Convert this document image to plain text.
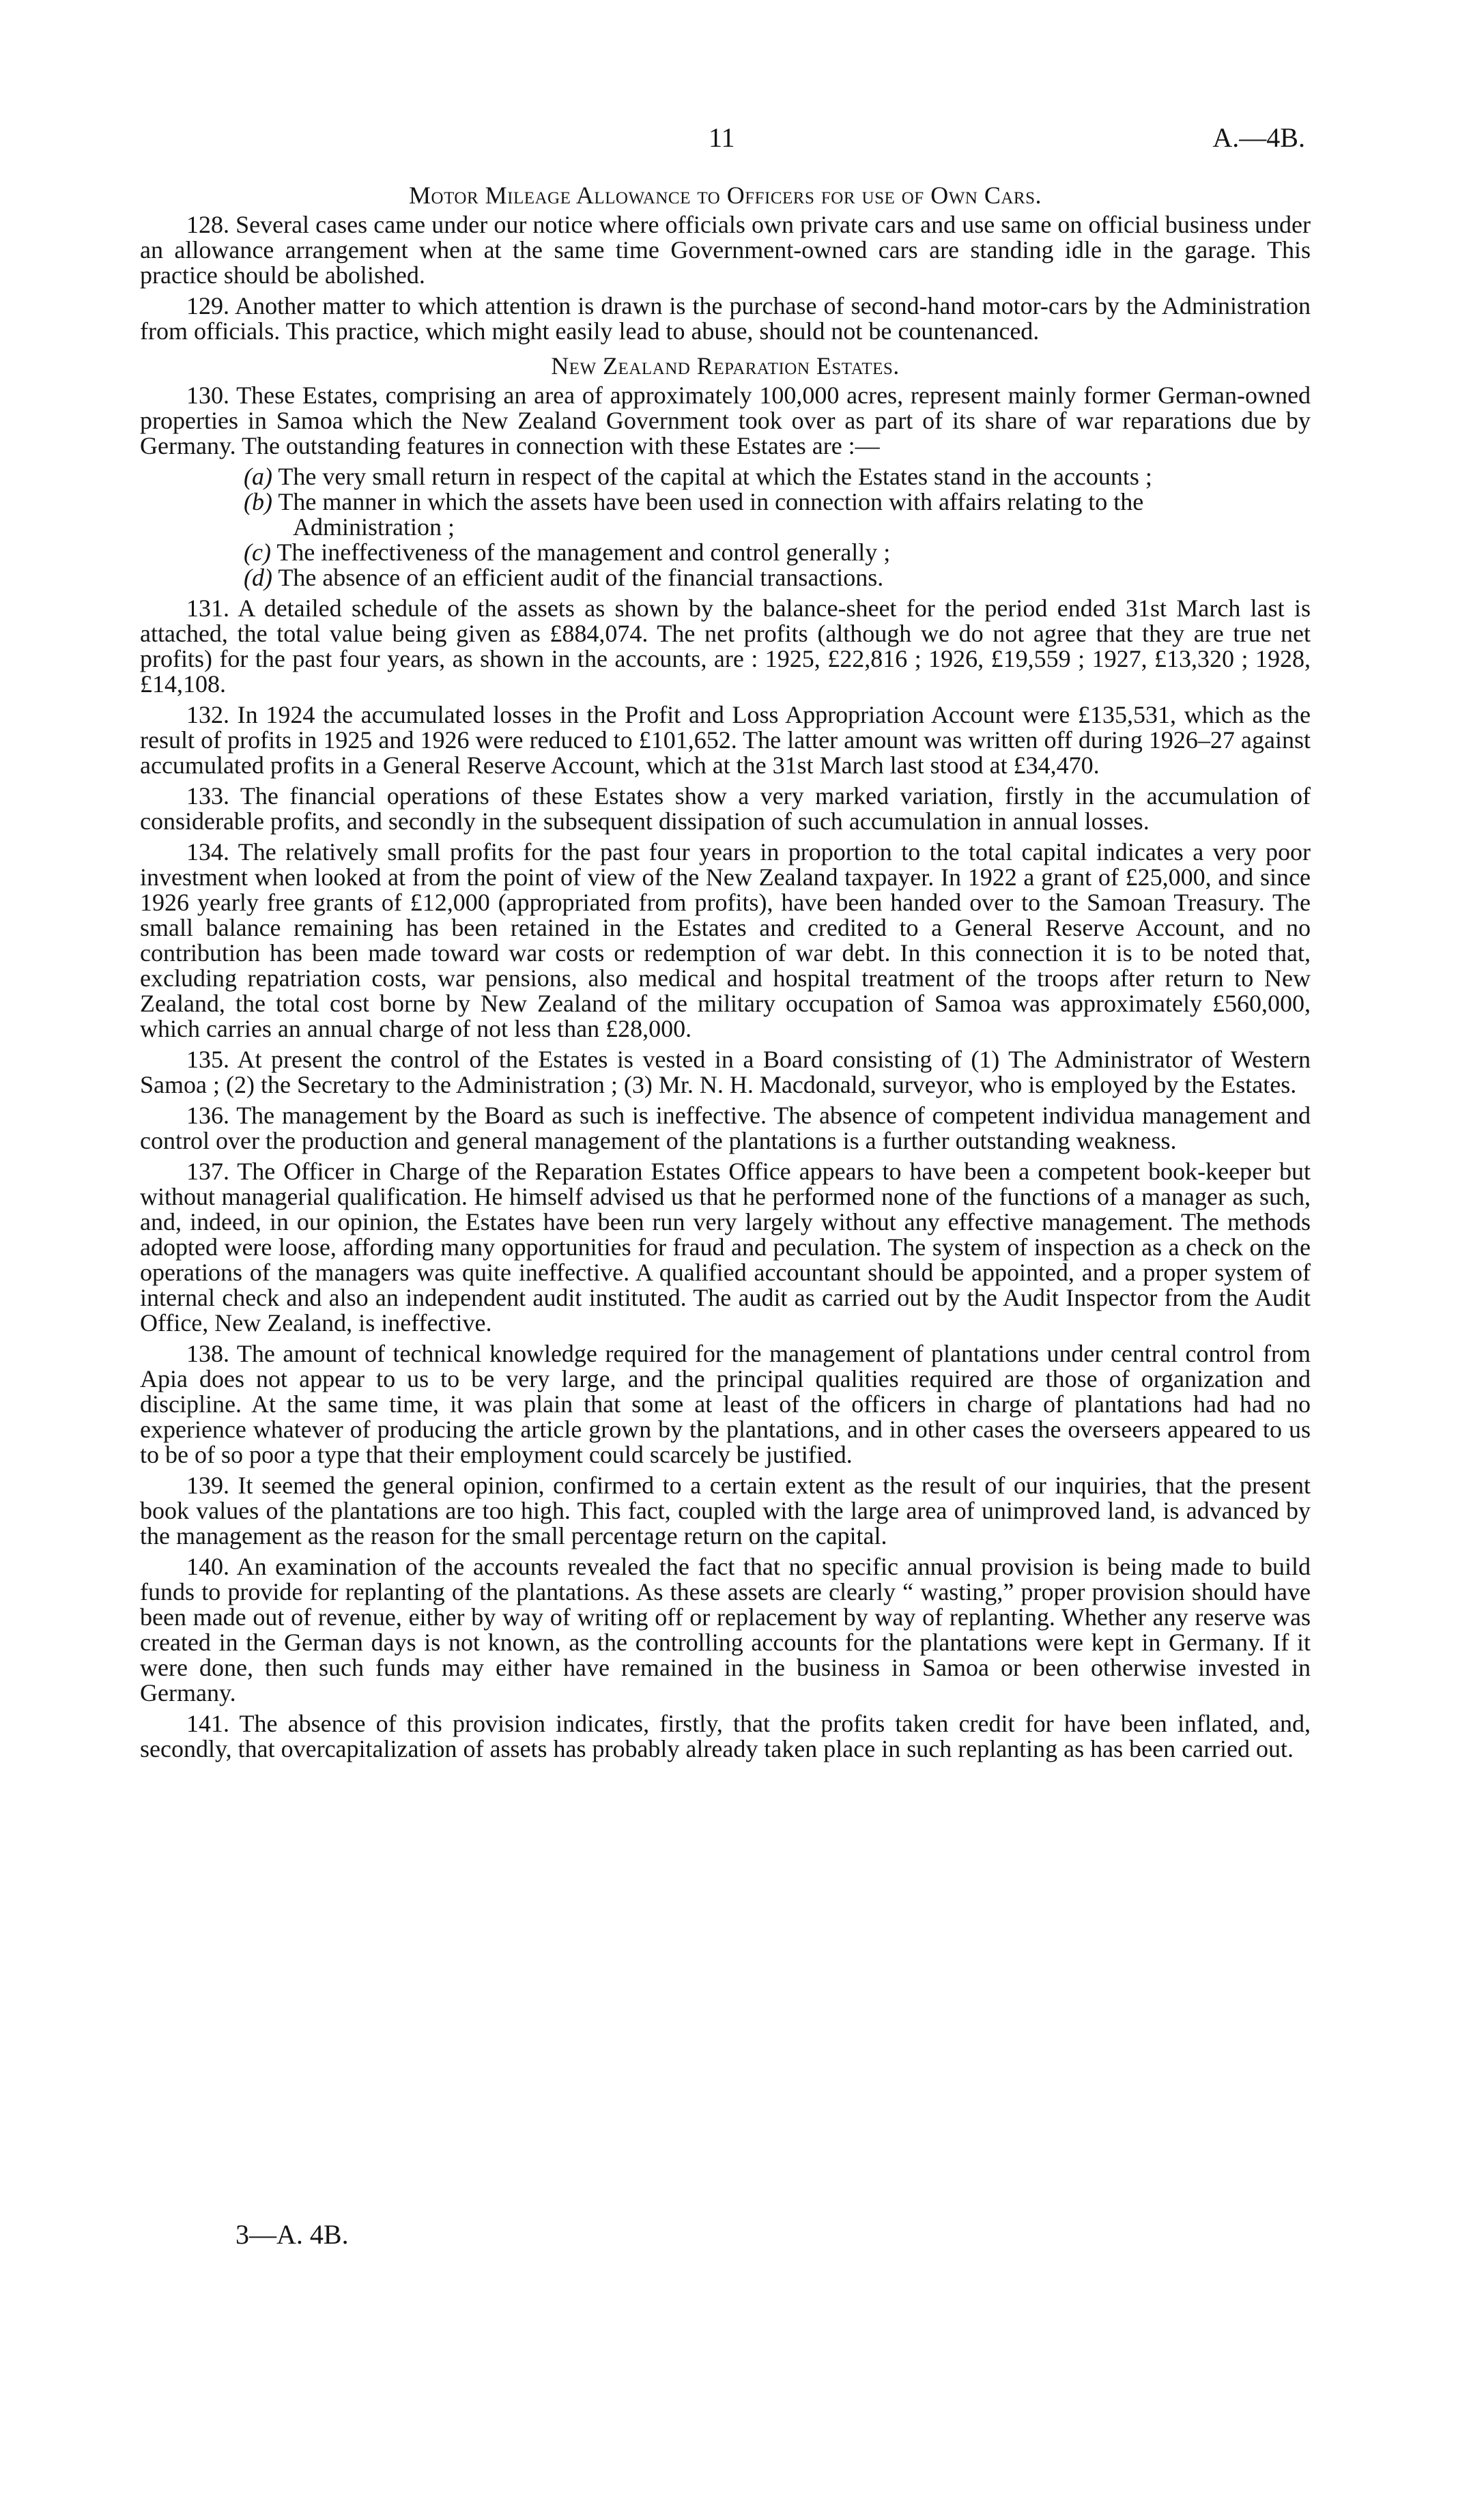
11	A.—4B.
Motor Mileage Allowance to Officers for use of Own Cars.

128. Several cases came under our notice where officials own private cars and use same on official business under an allowance arrangement when at the same time Government-owned cars are standing idle in the garage. This practice should be abolished.

129. Another matter to which attention is drawn is the purchase of second-hand motor-cars by the Administration from officials. This practice, which might easily lead to abuse, should not be countenanced.

New Zealand Reparation Estates.

130. These Estates, comprising an area of approximately 100,000 acres, represent mainly former German-owned properties in Samoa which the New Zealand Government took over as part of its share of war reparations due by Germany. The outstanding features in connection with these Estates are :—

(a) The very small return in respect of the capital at which the Estates stand in the accounts ;

(b) The manner in which the assets have been used in connection with affairs relating to the
Administration ;

(c) The ineffectiveness of the management and control generally ;

(d) The absence of an efficient audit of the financial transactions.

131. A detailed schedule of the assets as shown by the balance-sheet for the period ended 31st March last is attached, the total value being given as £884,074. The net profits (although we do not agree that they are true net profits) for the past four years, as shown in the accounts, are : 1925, £22,816 ; 1926, £19,559 ; 1927, £13,320 ; 1928, £14,108.

132. In 1924 the accumulated losses in the Profit and Loss Appropriation Account were £135,531, which as the result of profits in 1925 and 1926 were reduced to £101,652. The latter amount was written off during 1926–27 against accumulated profits in a General Reserve Account, which at the 31st March last stood at £34,470.

133. The financial operations of these Estates show a very marked variation, firstly in the accumulation of considerable profits, and secondly in the subsequent dissipation of such accumulation in annual losses.

134. The relatively small profits for the past four years in proportion to the total capital indicates a very poor investment when looked at from the point of view of the New Zealand taxpayer. In 1922 a grant of £25,000, and since 1926 yearly free grants of £12,000 (appropriated from profits), have been handed over to the Samoan Treasury. The small balance remaining has been retained in the Estates and credited to a General Reserve Account, and no contribution has been made toward war costs or redemption of war debt. In this connection it is to be noted that, excluding repatriation costs, war pensions, also medical and hospital treatment of the troops after return to New Zealand, the total cost borne by New Zealand of the military occupation of Samoa was approximately £560,000, which carries an annual charge of not less than £28,000.

135. At present the control of the Estates is vested in a Board consisting of (1) The Administrator of Western Samoa ; (2) the Secretary to the Administration ; (3) Mr. N. H. Macdonald, surveyor, who is employed by the Estates.

136. The management by the Board as such is ineffective. The absence of competent individua management and control over the production and general management of the plantations is a further outstanding weakness.

137. The Officer in Charge of the Reparation Estates Office appears to have been a competent book-keeper but without managerial qualification. He himself advised us that he performed none of the functions of a manager as such, and, indeed, in our opinion, the Estates have been run very largely without any effective management. The methods adopted were loose, affording many opportunities for fraud and peculation. The system of inspection as a check on the operations of the managers was quite ineffective. A qualified accountant should be appointed, and a proper system of internal check and also an independent audit instituted. The audit as carried out by the Audit Inspector from the Audit Office, New Zealand, is ineffective.

138. The amount of technical knowledge required for the management of plantations under central control from Apia does not appear to us to be very large, and the principal qualities required are those of organization and discipline. At the same time, it was plain that some at least of the officers in charge of plantations had had no experience whatever of producing the article grown by the plantations, and in other cases the overseers appeared to us to be of so poor a type that their employment could scarcely be justified.

139. It seemed the general opinion, confirmed to a certain extent as the result of our inquiries, that the present book values of the plantations are too high. This fact, coupled with the large area of unimproved land, is advanced by the management as the reason for the small percentage return on the capital.

140. An examination of the accounts revealed the fact that no specific annual provision is being made to build funds to provide for replanting of the plantations. As these assets are clearly “ wasting,” proper provision should have been made out of revenue, either by way of writing off or replacement by way of replanting. Whether any reserve was created in the German days is not known, as the controlling accounts for the plantations were kept in Germany. If it were done, then such funds may either have remained in the business in Samoa or been otherwise invested in Germany.

141. The absence of this provision indicates, firstly, that the profits taken credit for have been inflated, and, secondly, that overcapitalization of assets has probably already taken place in such replanting as has been carried out.

3—A. 4B.
